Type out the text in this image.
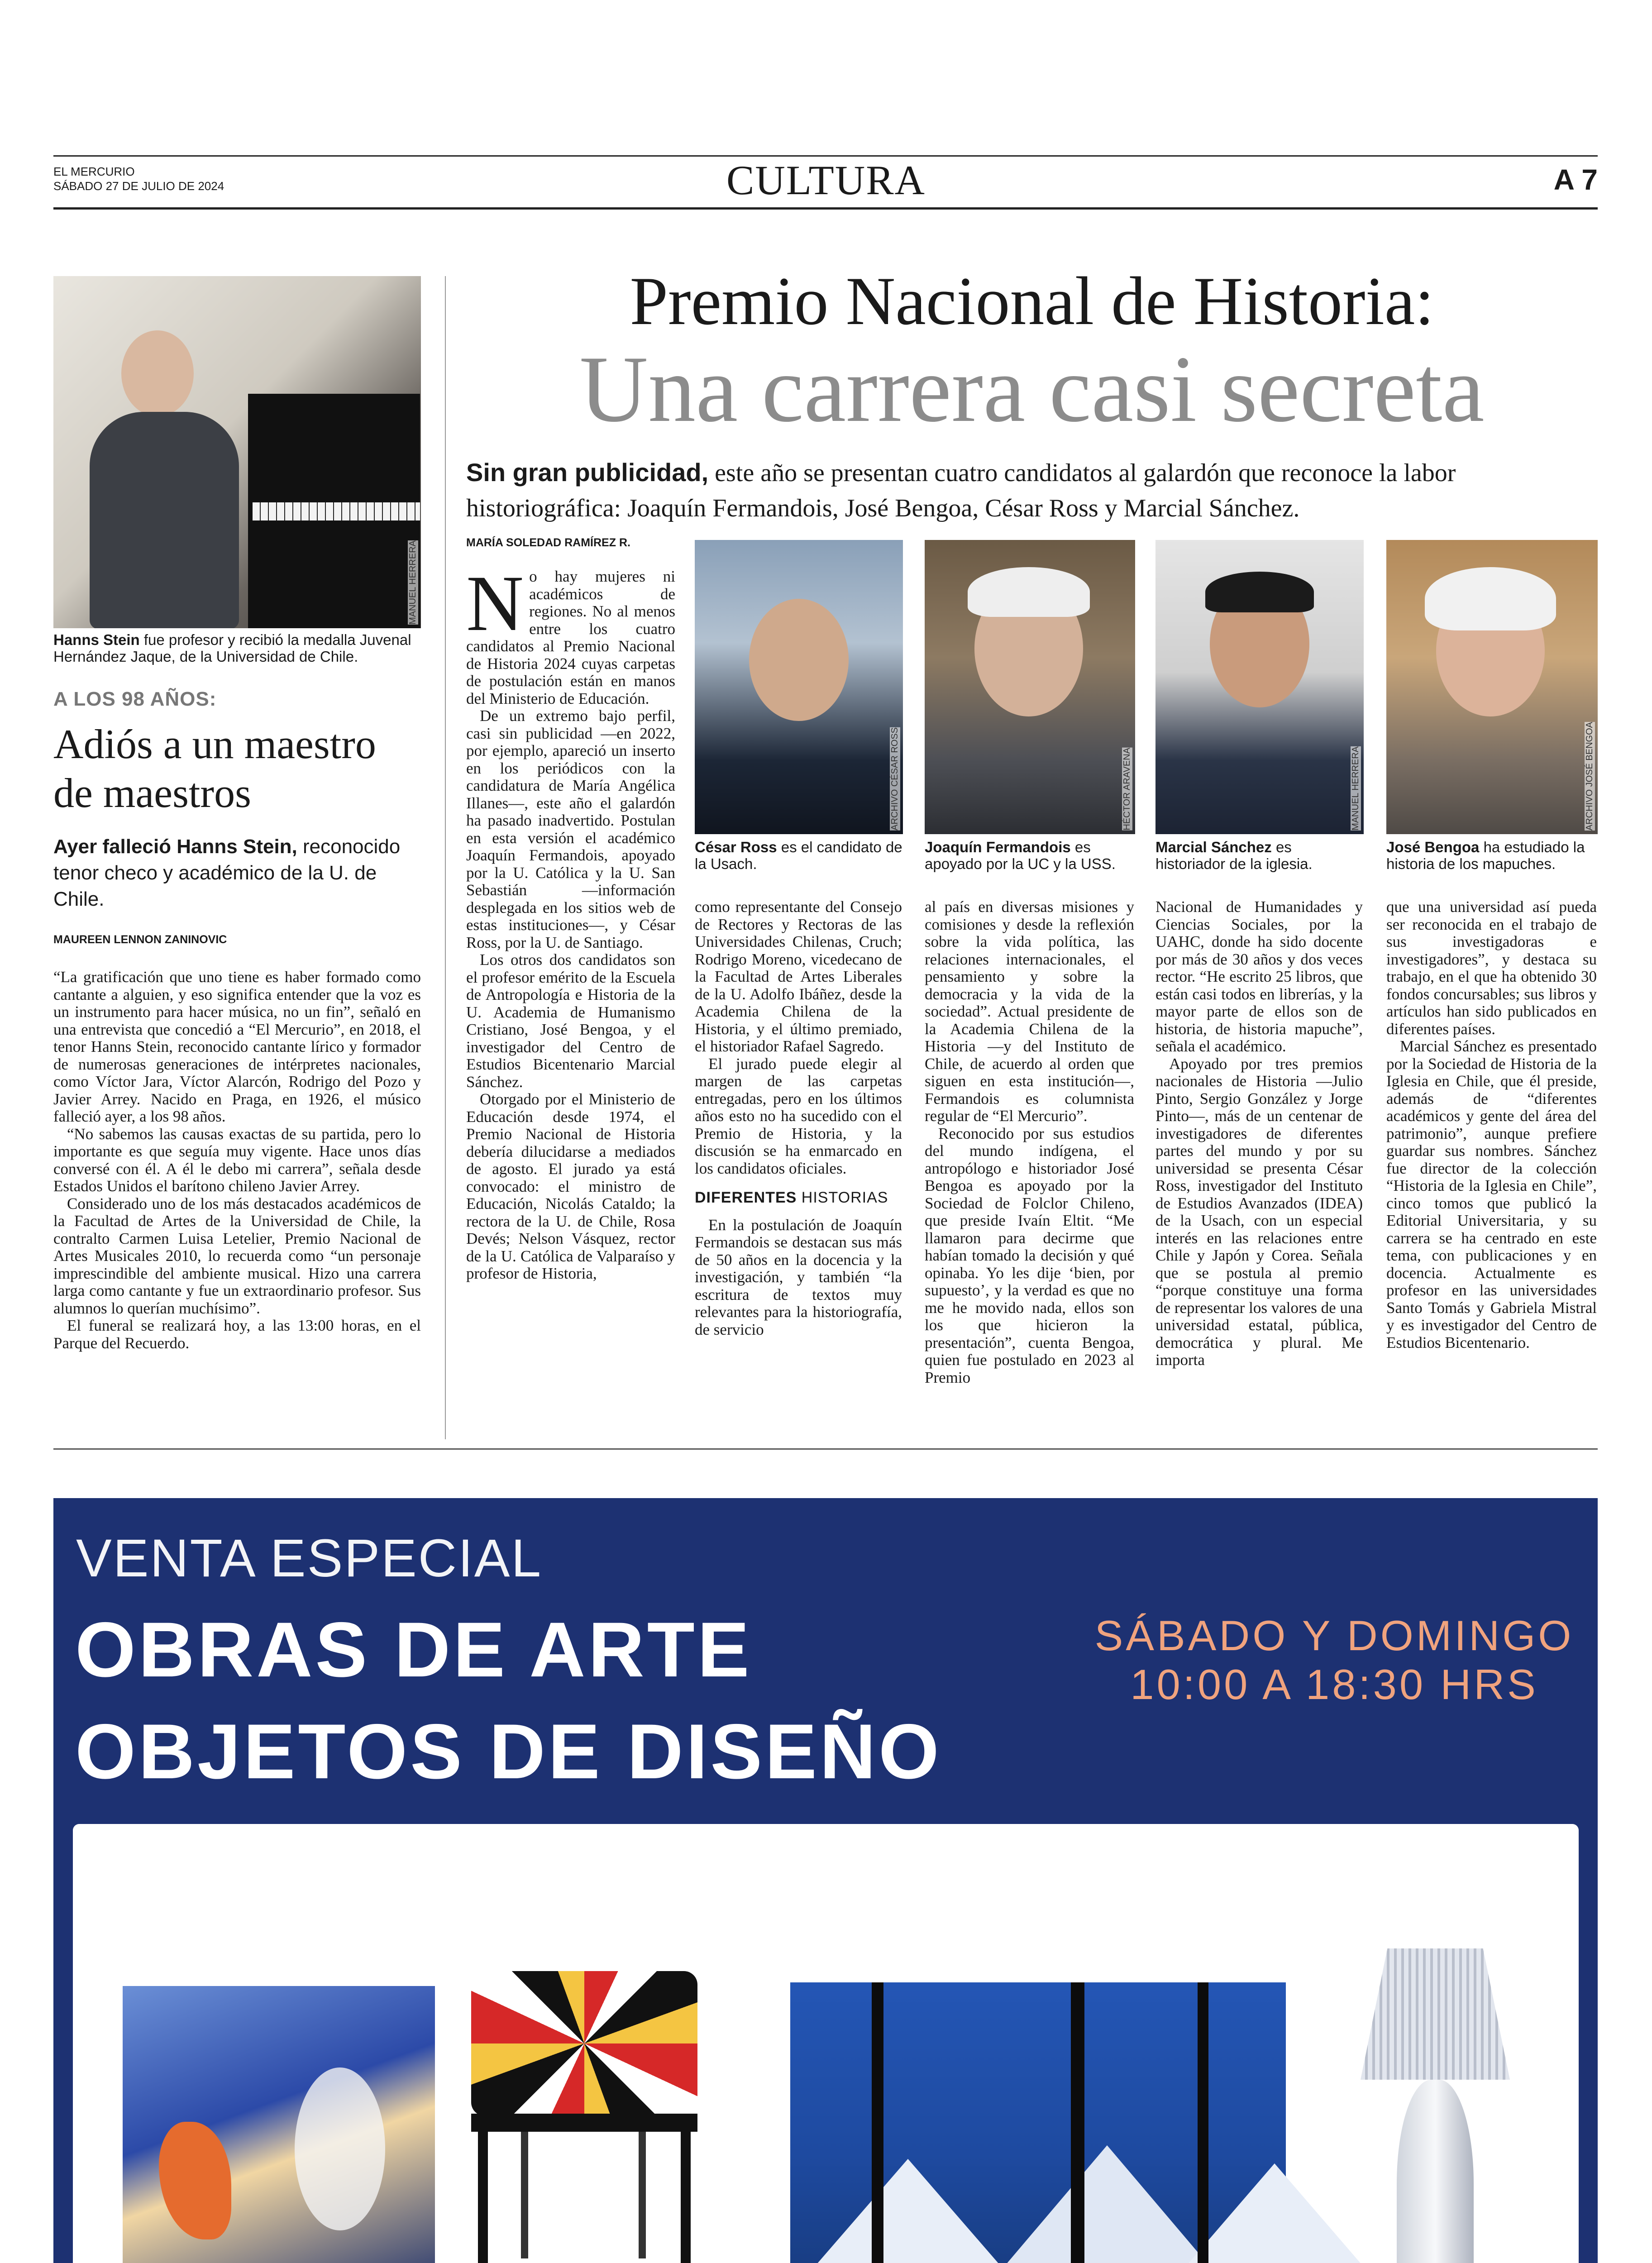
EL MERCURIO
SÁBADO 27 DE JULIO DE 2024	CULTURA	A 7
MANUEL HERRERA
Hanns Stein fue profesor y recibió la medalla Juvenal Hernández Jaque, de la Universidad de Chile.
A LOS 98 AÑOS:
Adiós a un maestro de maestros
Ayer falleció Hanns Stein, reconocido tenor checo y académico de la U. de Chile.
MAUREEN LENNON ZANINOVIC

“La gratificación que uno tiene es haber formado como cantante a alguien, y eso significa entender que la voz es un instrumento para hacer música, no un fin”, señaló en una entrevista que concedió a “El Mercurio”, en 2018, el tenor Hanns Stein, reconocido cantante lírico y formador de numerosas generaciones de intérpretes nacionales, como Víctor Jara, Víctor Alarcón, Rodrigo del Pozo y Javier Arrey. Nacido en Praga, en 1926, el músico falleció ayer, a los 98 años.

“No sabemos las causas exactas de su partida, pero lo importante es que seguía muy vigente. Hace unos días conversé con él. A él le debo mi carrera”, señala desde Estados Unidos el barítono chileno Javier Arrey.

Considerado uno de los más destacados académicos de la Facultad de Artes de la Universidad de Chile, la contralto Carmen Luisa Letelier, Premio Nacional de Artes Musicales 2010, lo recuerda como “un personaje imprescindible del ambiente musical. Hizo una carrera larga como cantante y fue un extraordinario profesor. Sus alumnos lo querían muchísimo”.

El funeral se realizará hoy, a las 13:00 horas, en el Parque del Recuerdo.

Premio Nacional de Historia:
Una carrera casi secreta
Sin gran publicidad, este año se presentan cuatro candidatos al galardón que reconoce la labor historiográfica: Joaquín Fermandois, José Bengoa, César Ross y Marcial Sánchez.
MARÍA SOLEDAD RAMÍREZ R.
N o hay mujeres ni académicos de regiones. No al menos entre los cuatro candidatos al Premio Nacional de Historia 2024 cuyas carpetas de postulación están en manos del Ministerio de Educación.

De un extremo bajo perfil, casi sin publicidad —en 2022, por ejemplo, apareció un inserto en los periódicos con la candidatura de María Angélica Illanes—, este año el galardón ha pasado inadvertido. Postulan en esta versión el académico Joaquín Fermandois, apoyado por la U. Católica y la U. San Sebastián —información desplegada en los sitios web de estas instituciones—, y César Ross, por la U. de Santiago.

Los otros dos candidatos son el profesor emérito de la Escuela de Antropología e Historia de la U. Academia de Humanismo Cristiano, José Bengoa, y el investigador del Centro de Estudios Bicentenario Marcial Sánchez.

Otorgado por el Ministerio de Educación desde 1974, el Premio Nacional de Historia debería dilucidarse a mediados de agosto. El jurado ya está convocado: el ministro de Educación, Nicolás Cataldo; la rectora de la U. de Chile, Rosa Devés; Nelson Vásquez, rector de la U. Católica de Valparaíso y profesor de Historia,

ARCHIVO CÉSAR ROSS	HÉCTOR ARAVENA	MANUEL HERRERA	ARCHIVO JOSÉ BENGOA
César Ross es el candidato de la Usach.
Joaquín Fermandois es apoyado por la UC y la USS.
Marcial Sánchez es historiador de la iglesia.
José Bengoa ha estudiado la historia de los mapuches.

como representante del Consejo de Rectores y Rectoras de las Universidades Chilenas, Cruch; Rodrigo Moreno, vicedecano de la Facultad de Artes Liberales de la U. Adolfo Ibáñez, desde la Academia Chilena de la Historia, y el último premiado, el historiador Rafael Sagredo.

El jurado puede elegir al margen de las carpetas entregadas, pero en los últimos años esto no ha sucedido con el Premio de Historia, y la discusión se ha enmarcado en los candidatos oficiales.

DIFERENTES HISTORIAS

En la postulación de Joaquín Fermandois se destacan sus más de 50 años en la docencia y la investigación, y también “la escritura de textos muy relevantes para la historiografía, de servicio

al país en diversas misiones y comisiones y desde la reflexión sobre la vida política, las relaciones internacionales, el pensamiento y sobre la democracia y la vida de la sociedad”. Actual presidente de la Academia Chilena de la Historia —y del Instituto de Chile, de acuerdo al orden que siguen en esta institución—, Fermandois es columnista regular de “El Mercurio”.

Reconocido por sus estudios del mundo indígena, el antropólogo e historiador José Bengoa es apoyado por la Sociedad de Folclor Chileno, que preside Ivaín Eltit. “Me llamaron para decirme que habían tomado la decisión y qué opinaba. Yo les dije ‘bien, por supuesto’, y la verdad es que no me he movido nada, ellos son los que hicieron la presentación”, cuenta Bengoa, quien fue postulado en 2023 al Premio

Nacional de Humanidades y Ciencias Sociales, por la UAHC, donde ha sido docente por más de 30 años y dos veces rector. “He escrito 25 libros, que están casi todos en librerías, y la mayor parte de ellos son de historia, de historia mapuche”, señala el académico.

Apoyado por tres premios nacionales de Historia —Julio Pinto, Sergio González y Jorge Pinto—, más de un centenar de investigadores de diferentes partes del mundo y por su universidad se presenta César Ross, investigador del Instituto de Estudios Avanzados (IDEA) de la Usach, con un especial interés en las relaciones entre Chile y Japón y Corea. Señala que se postula al premio “porque constituye una forma de representar los valores de una universidad estatal, pública, democrática y plural. Me importa

que una universidad así pueda ser reconocida en el trabajo de sus investigadoras e investigadores”, y destaca su trabajo, en el que ha obtenido 30 fondos concursables; sus libros y artículos han sido publicados en diferentes países.

Marcial Sánchez es presentado por la Sociedad de Historia de la Iglesia en Chile, que él preside, además de “diferentes académicos y gente del área del patrimonio”, aunque prefiere guardar sus nombres. Sánchez fue director de la colección “Historia de la Iglesia en Chile”, cinco tomos que publicó la Editorial Universitaria, y su carrera se ha centrado en este tema, con publicaciones y en docencia. Actualmente es profesor en las universidades Santo Tomás y Gabriela Mistral y es investigador del Centro de Estudios Bicentenario.

VENTA ESPECIAL
OBRAS DE ARTE
OBJETOS DE DISEÑO
SÁBADO Y DOMINGO
10:00 A 18:30 HRS
